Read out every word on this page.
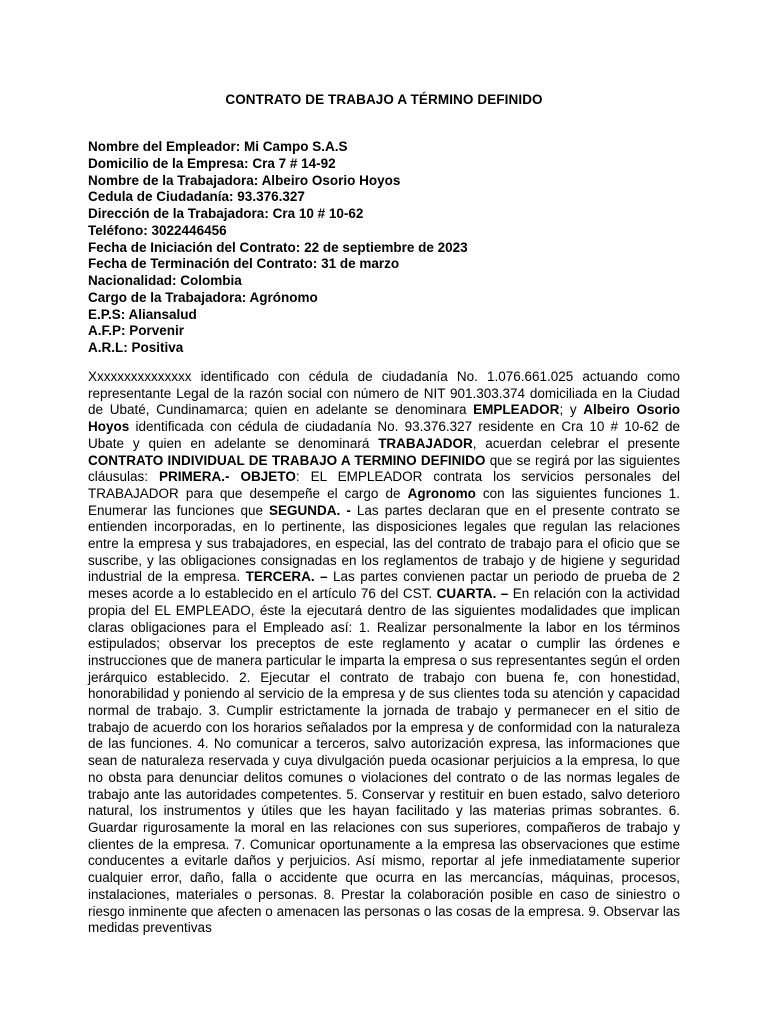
CONTRATO DE TRABAJO A TÉRMINO DEFINIDO
Nombre del Empleador: Mi Campo S.A.S
Domicilio de la Empresa: Cra 7 # 14-92
Nombre de la Trabajadora: Albeiro Osorio Hoyos
Cedula de Ciudadanía: 93.376.327
Dirección de la Trabajadora: Cra 10 # 10-62
Teléfono: 3022446456
Fecha de Iniciación del Contrato: 22 de septiembre de 2023
Fecha de Terminación del Contrato: 31 de marzo
Nacionalidad: Colombia
Cargo de la Trabajadora: Agrónomo
E.P.S: Aliansalud
A.F.P: Porvenir
A.R.L: Positiva
Xxxxxxxxxxxxxxx identificado con cédula de ciudadanía No. 1.076.661.025 actuando como representante Legal de la razón social con número de NIT 901.303.374 domiciliada en la Ciudad de Ubaté, Cundinamarca; quien en adelante se denominara EMPLEADOR; y Albeiro Osorio Hoyos identificada con cédula de ciudadanía No. 93.376.327 residente en Cra 10 # 10-62 de Ubate y quien en adelante se denominará TRABAJADOR, acuerdan celebrar el presente CONTRATO INDIVIDUAL DE TRABAJO A TERMINO DEFINIDO que se regirá por las siguientes cláusulas: PRIMERA.- OBJETO: EL EMPLEADOR contrata los servicios personales del TRABAJADOR para que desempeñe el cargo de Agronomo con las siguientes funciones 1. Enumerar las funciones que SEGUNDA. - Las partes declaran que en el presente contrato se entienden incorporadas, en lo pertinente, las disposiciones legales que regulan las relaciones entre la empresa y sus trabajadores, en especial, las del contrato de trabajo para el oficio que se suscribe, y las obligaciones consignadas en los reglamentos de trabajo y de higiene y seguridad industrial de la empresa. TERCERA. – Las partes convienen pactar un periodo de prueba de 2 meses acorde a lo establecido en el artículo 76 del CST. CUARTA. – En relación con la actividad propia del EL EMPLEADO, éste la ejecutará dentro de las siguientes modalidades que implican claras obligaciones para el Empleado así: 1. Realizar personalmente la labor en los términos estipulados; observar los preceptos de este reglamento y acatar o cumplir las órdenes e instrucciones que de manera particular le imparta la empresa o sus representantes según el orden jerárquico establecido. 2. Ejecutar el contrato de trabajo con buena fe, con honestidad, honorabilidad y poniendo al servicio de la empresa y de sus clientes toda su atención y capacidad normal de trabajo. 3. Cumplir estrictamente la jornada de trabajo y permanecer en el sitio de trabajo de acuerdo con los horarios señalados por la empresa y de conformidad con la naturaleza de las funciones. 4. No comunicar a terceros, salvo autorización expresa, las informaciones que sean de naturaleza reservada y cuya divulgación pueda ocasionar perjuicios a la empresa, lo que no obsta para denunciar delitos comunes o violaciones del contrato o de las normas legales de trabajo ante las autoridades competentes. 5. Conservar y restituir en buen estado, salvo deterioro natural, los instrumentos y útiles que les hayan facilitado y las materias primas sobrantes. 6. Guardar rigurosamente la moral en las relaciones con sus superiores, compañeros de trabajo y clientes de la empresa. 7. Comunicar oportunamente a la empresa las observaciones que estime conducentes a evitarle daños y perjuicios. Así mismo, reportar al jefe inmediatamente superior cualquier error, daño, falla o accidente que ocurra en las mercancías, máquinas, procesos, instalaciones, materiales o personas. 8. Prestar la colaboración posible en caso de siniestro o riesgo inminente que afecten o amenacen las personas o las cosas de la empresa. 9. Observar las medidas preventivas
